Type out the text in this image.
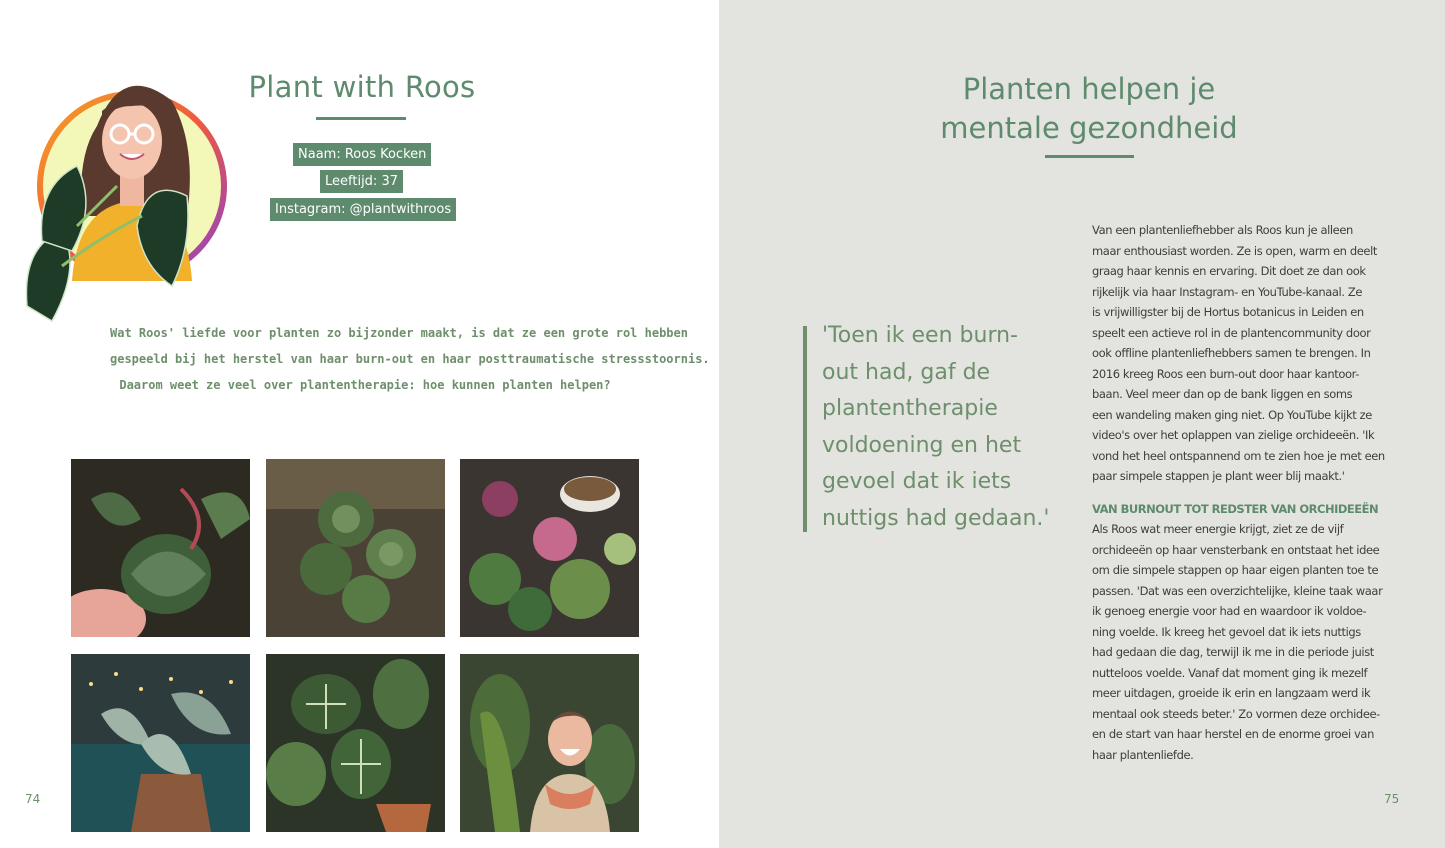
Plant with Roos
Naam: Roos Kocken
Leeftijd: 37
Instagram: @plantwithroos
Wat Roos' liefde voor planten zo bijzonder maakt, is dat ze een grote rol hebben
gespeeld bij het herstel van haar burn-out en haar posttraumatische stressstoornis.
Daarom weet ze veel over plantentherapie: hoe kunnen planten helpen?
74
Planten helpen je
mentale gezondheid
'Toen ik een burn-
out had, gaf de
plantentherapie
voldoening en het
gevoel dat ik iets
nuttigs had gedaan.'
Van een plantenliefhebber als Roos kun je alleen
maar enthousiast worden. Ze is open, warm en deelt
graag haar kennis en ervaring. Dit doet ze dan ook
rijkelijk via haar Instagram- en YouTube-kanaal. Ze
is vrijwilligster bij de Hortus botanicus in Leiden en
speelt een actieve rol in de plantencommunity door
ook offline plantenliefhebbers samen te brengen. In
2016 kreeg Roos een burn-out door haar kantoor-
baan. Veel meer dan op de bank liggen en soms
een wandeling maken ging niet. Op YouTube kijkt ze
video's over het oplappen van zielige orchideeën. 'Ik
vond het heel ontspannend om te zien hoe je met een
paar simpele stappen je plant weer blij maakt.'
VAN BURNOUT TOT REDSTER VAN ORCHIDEEËN
Als Roos wat meer energie krijgt, ziet ze de vijf
orchideeën op haar vensterbank en ontstaat het idee
om die simpele stappen op haar eigen planten toe te
passen. 'Dat was een overzichtelijke, kleine taak waar
ik genoeg energie voor had en waardoor ik voldoe-
ning voelde. Ik kreeg het gevoel dat ik iets nuttigs
had gedaan die dag, terwijl ik me in die periode juist
nutteloos voelde. Vanaf dat moment ging ik mezelf
meer uitdagen, groeide ik erin en langzaam werd ik
mentaal ook steeds beter.' Zo vormen deze orchidee-
en de start van haar herstel en de enorme groei van
haar plantenliefde.
75
